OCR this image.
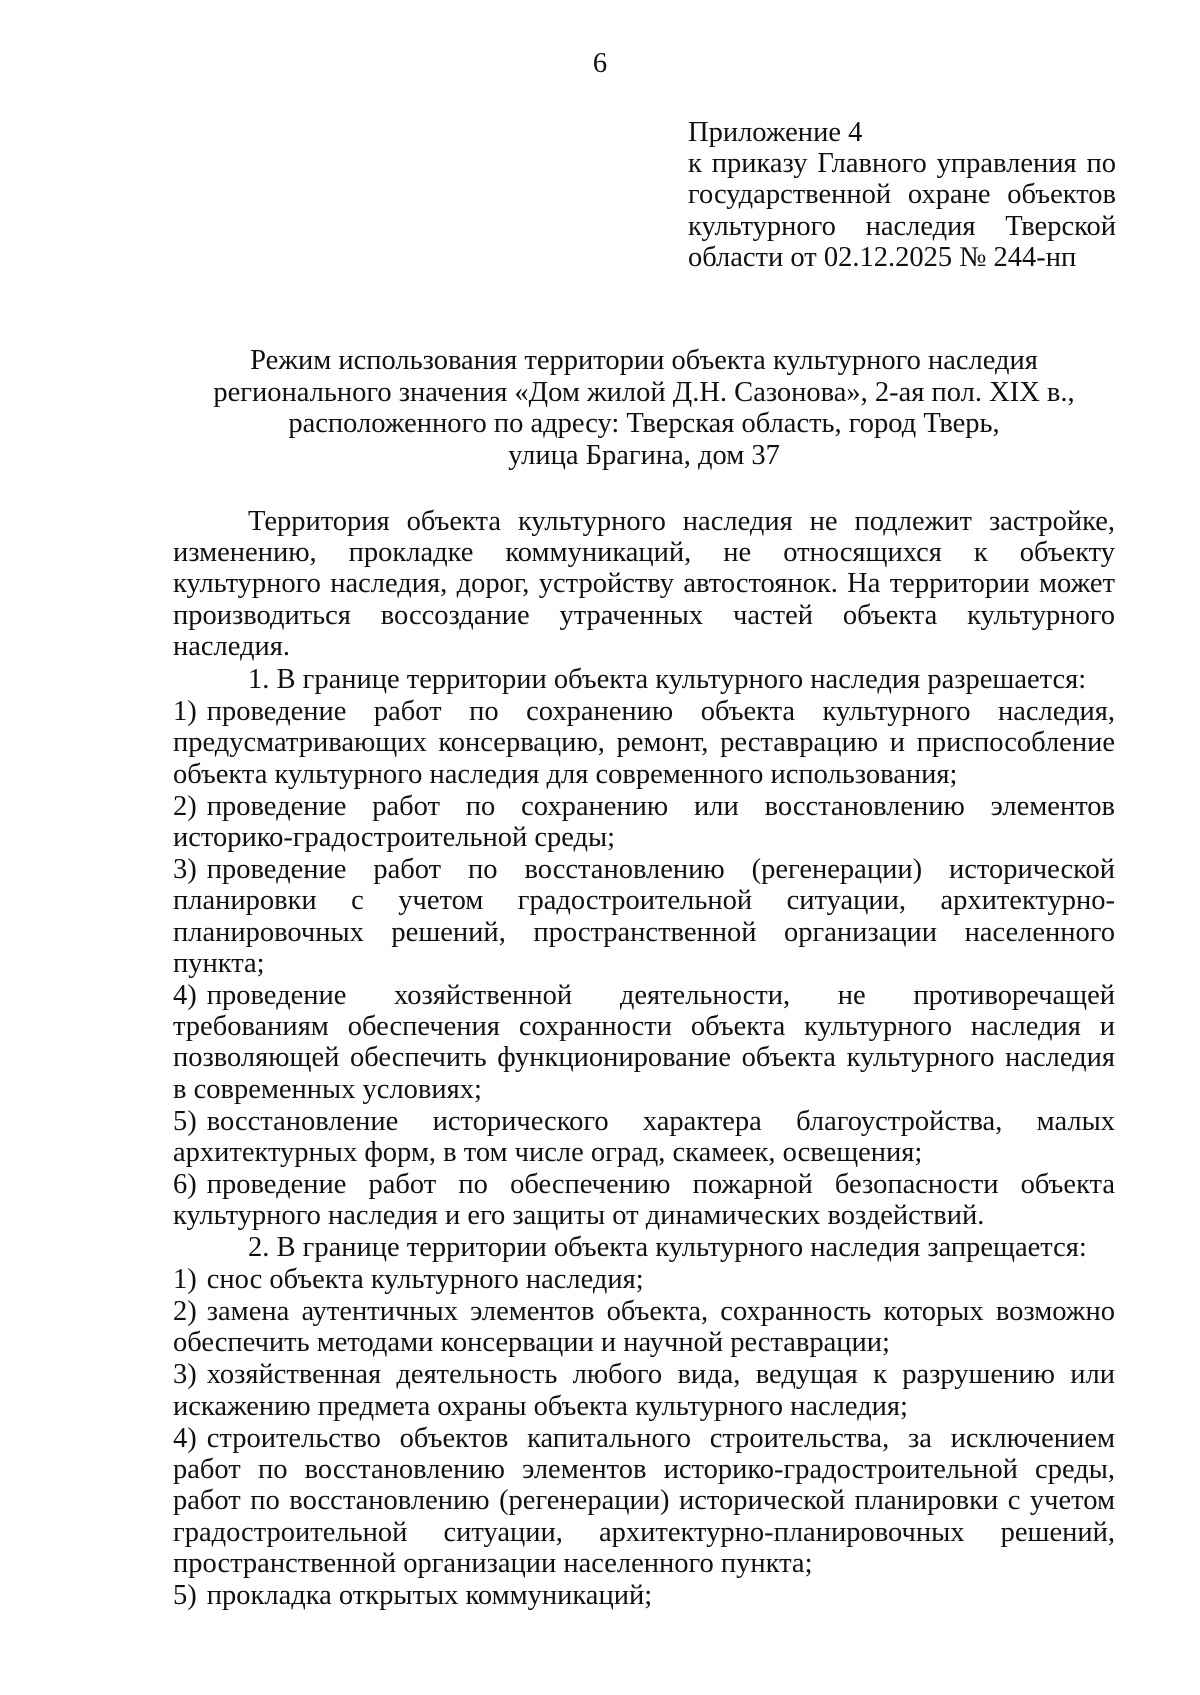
6

Приложение 4

к приказу Главного управления по государственной охране объектов культурного наследия Тверской области от 02.12.2025 № 244-нп

Режим использования территории объекта культурного наследия
регионального значения «Дом жилой Д.Н. Сазонова», 2-ая пол. XIX в.,
расположенного по адресу: Тверская область, город Тверь,
улица Брагина, дом 37

Территория объекта культурного наследия не подлежит застройке, изменению, прокладке коммуникаций, не относящихся к объекту культурного наследия, дорог, устройству автостоянок. На территории может производиться воссоздание утраченных частей объекта культурного наследия.

1. В границе территории объекта культурного наследия разрешается:

1) проведение работ по сохранению объекта культурного наследия, предусматривающих консервацию, ремонт, реставрацию и приспособление объекта культурного наследия для современного использования;

2) проведение работ по сохранению или восстановлению элементов историко-градостроительной среды;

3) проведение работ по восстановлению (регенерации) исторической планировки с учетом градостроительной ситуации, архитектурно-планировочных решений, пространственной организации населенного пункта;

4) проведение хозяйственной деятельности, не противоречащей требованиям обеспечения сохранности объекта культурного наследия и позволяющей обеспечить функционирование объекта культурного наследия в современных условиях;

5) восстановление исторического характера благоустройства, малых архитектурных форм, в том числе оград, скамеек, освещения;

6) проведение работ по обеспечению пожарной безопасности объекта культурного наследия и его защиты от динамических воздействий.

2. В границе территории объекта культурного наследия запрещается:

1) снос объекта культурного наследия;

2) замена аутентичных элементов объекта, сохранность которых возможно обеспечить методами консервации и научной реставрации;

3) хозяйственная деятельность любого вида, ведущая к разрушению или искажению предмета охраны объекта культурного наследия;

4) строительство объектов капитального строительства, за исключением работ по восстановлению элементов историко-градостроительной среды, работ по восстановлению (регенерации) исторической планировки с учетом градостроительной ситуации, архитектурно-планировочных решений, пространственной организации населенного пункта;

5) прокладка открытых коммуникаций;
